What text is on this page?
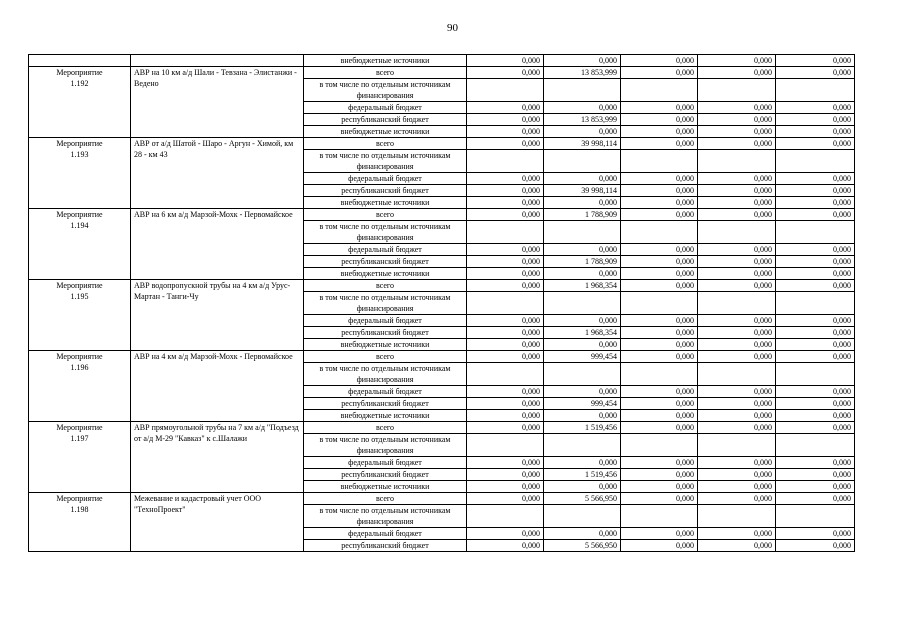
90
		внебюджетные источники	0,000	0,000	0,000	0,000	0,000

Мероприятие
1.192	АВР на 10 км а/д Шали - Тевзана - Элистанжи - Ведено	всего	0,000	13 853,999	0,000	0,000	0,000
		в том числе по отдельным источникам финансирования					
		федеральный бюджет	0,000	0,000	0,000	0,000	0,000
		республиканский бюджет	0,000	13 853,999	0,000	0,000	0,000
		внебюджетные источники	0,000	0,000	0,000	0,000	0,000

Мероприятие
1.193	АВР от а/д Шатой - Шаро - Аргун - Химой, км 28 - км 43	всего	0,000	39 998,114	0,000	0,000	0,000
		в том числе по отдельным источникам финансирования					
		федеральный бюджет	0,000	0,000	0,000	0,000	0,000
		республиканский бюджет	0,000	39 998,114	0,000	0,000	0,000
		внебюджетные источники	0,000	0,000	0,000	0,000	0,000

Мероприятие
1.194	АВР на 6 км а/д Марзой-Мохк - Первомайское	всего	0,000	1 788,909	0,000	0,000	0,000
		в том числе по отдельным источникам финансирования					
		федеральный бюджет	0,000	0,000	0,000	0,000	0,000
		республиканский бюджет	0,000	1 788,909	0,000	0,000	0,000
		внебюджетные источники	0,000	0,000	0,000	0,000	0,000

Мероприятие
1.195	АВР водопропускной трубы на 4 км а/д Урус-Мартан - Танги-Чу	всего	0,000	1 968,354	0,000	0,000	0,000
		в том числе по отдельным источникам финансирования					
		федеральный бюджет	0,000	0,000	0,000	0,000	0,000
		республиканский бюджет	0,000	1 968,354	0,000	0,000	0,000
		внебюджетные источники	0,000	0,000	0,000	0,000	0,000

Мероприятие
1.196	АВР на 4 км а/д Марзой-Мохк - Первомайское	всего	0,000	999,454	0,000	0,000	0,000
		в том числе по отдельным источникам финансирования					
		федеральный бюджет	0,000	0,000	0,000	0,000	0,000
		республиканский бюджет	0,000	999,454	0,000	0,000	0,000
		внебюджетные источники	0,000	0,000	0,000	0,000	0,000

Мероприятие
1.197	АВР прямоугольной трубы на 7 км а/д "Подъезд от а/д М-29 "Кавказ" к с.Шалажи	всего	0,000	1 519,456	0,000	0,000	0,000
		в том числе по отдельным источникам финансирования					
		федеральный бюджет	0,000	0,000	0,000	0,000	0,000
		республиканский бюджет	0,000	1 519,456	0,000	0,000	0,000
		внебюджетные источники	0,000	0,000	0,000	0,000	0,000

Мероприятие
1.198	Межевание и кадастровый учет ООО "ТехноПроект"	всего	0,000	5 566,950	0,000	0,000	0,000
		в том числе по отдельным источникам финансирования					
		федеральный бюджет	0,000	0,000	0,000	0,000	0,000
		республиканский бюджет	0,000	5 566,950	0,000	0,000	0,000
